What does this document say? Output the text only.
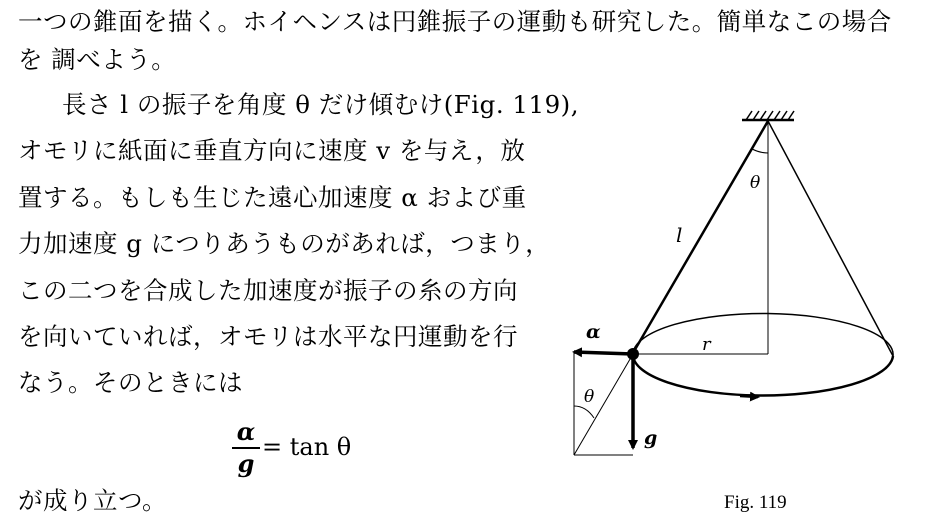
一つの錐面を描く。ホイヘンスは円錐振子の運動も研究した。簡単なこの場合
を 調べよう。
長さ l の振子を角度 θ だけ傾むけ(Fig. 119),
オモリに紙面に垂直方向に速度 v を与え，放
置する。もしも生じた遠心加速度 α および重
力加速度 g につりあうものがあれば，つまり，
この二つを合成した加速度が振子の糸の方向
を向いていれば，オモリは水平な円運動を行
なう。そのときには
α
g
= tan θ
が成り立つ。
θ
l
r
α
θ
g
Fig. 119
